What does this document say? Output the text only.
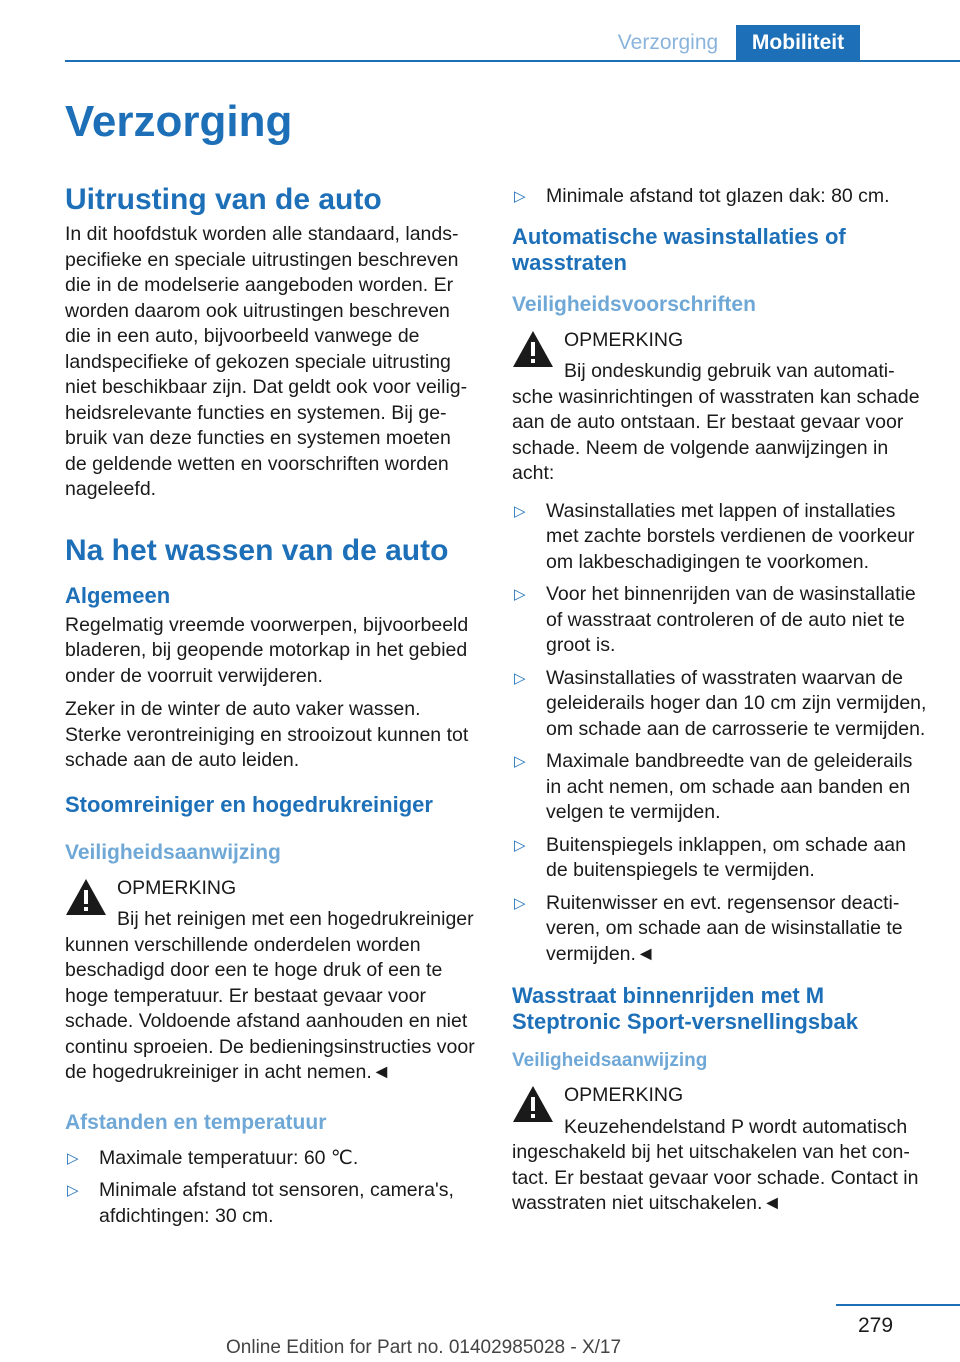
Verzorging	Mobiliteit
Verzorging
Uitrusting van de auto

In dit hoofdstuk worden alle standaard, landspecifieke en speciale uitrustingen beschreven die in de modelserie aangeboden worden. Er worden daarom ook uitrustingen beschreven die in een auto, bijvoorbeeld vanwege de landspecifieke of gekozen speciale uitrusting niet beschikbaar zijn. Dat geldt ook voor veiligheidsrelevante functies en systemen. Bij gebruik van deze functies en systemen moeten de geldende wetten en voorschriften worden nageleefd.

Na het wassen van de auto
Algemeen

Regelmatig vreemde voorwerpen, bijvoorbeeld bladeren, bij geopende motorkap in het gebied onder de voorruit verwijderen.

Zeker in de winter de auto vaker wassen. Sterke verontreiniging en strooizout kunnen tot schade aan de auto leiden.

Stoomreiniger en hogedrukreiniger
Veiligheidsaanwijzing
OPMERKING

Bij het reinigen met een hogedrukreiniger kunnen verschillende onderdelen worden beschadigd door een te hoge druk of een te hoge temperatuur. Er bestaat gevaar voor schade. Voldoende afstand aanhouden en niet continu sproeien. De bedieningsinstructies voor de hogedrukreiniger in acht nemen.◄

Afstanden en temperatuur
▷ Maximale temperatuur: 60 ℃.
▷ Minimale afstand tot sensoren, camera's, afdichtingen: 30 cm.
▷ Minimale afstand tot glazen dak: 80 cm.
Automatische wasinstallaties of wasstraten
Veiligheidsvoorschriften
OPMERKING

Bij ondeskundig gebruik van automatische wasinrichtingen of wasstraten kan schade aan de auto ontstaan. Er bestaat gevaar voor schade. Neem de volgende aanwijzingen in acht:

▷ Wasinstallaties met lappen of installaties met zachte borstels verdienen de voorkeur om lakbeschadigingen te voorkomen.
▷ Voor het binnenrijden van de wasinstallatie of wasstraat controleren of de auto niet te groot is.
▷ Wasinstallaties of wasstraten waarvan de geleiderails hoger dan 10 cm zijn vermijden, om schade aan de carrosserie te vermijden.
▷ Maximale bandbreedte van de geleiderails in acht nemen, om schade aan banden en velgen te vermijden.
▷ Buitenspiegels inklappen, om schade aan de buitenspiegels te vermijden.
▷ Ruitenwisser en evt. regensensor deactiveren, om schade aan de wisinstallatie te vermijden.◄
Wasstraat binnenrijden met M Steptronic Sport-versnellingsbak
Veiligheidsaanwijzing
OPMERKING

Keuzehendelstand P wordt automatisch ingeschakeld bij het uitschakelen van het contact. Er bestaat gevaar voor schade. Contact in wasstraten niet uitschakelen.◄

279
Online Edition for Part no. 01402985028 - X/17
